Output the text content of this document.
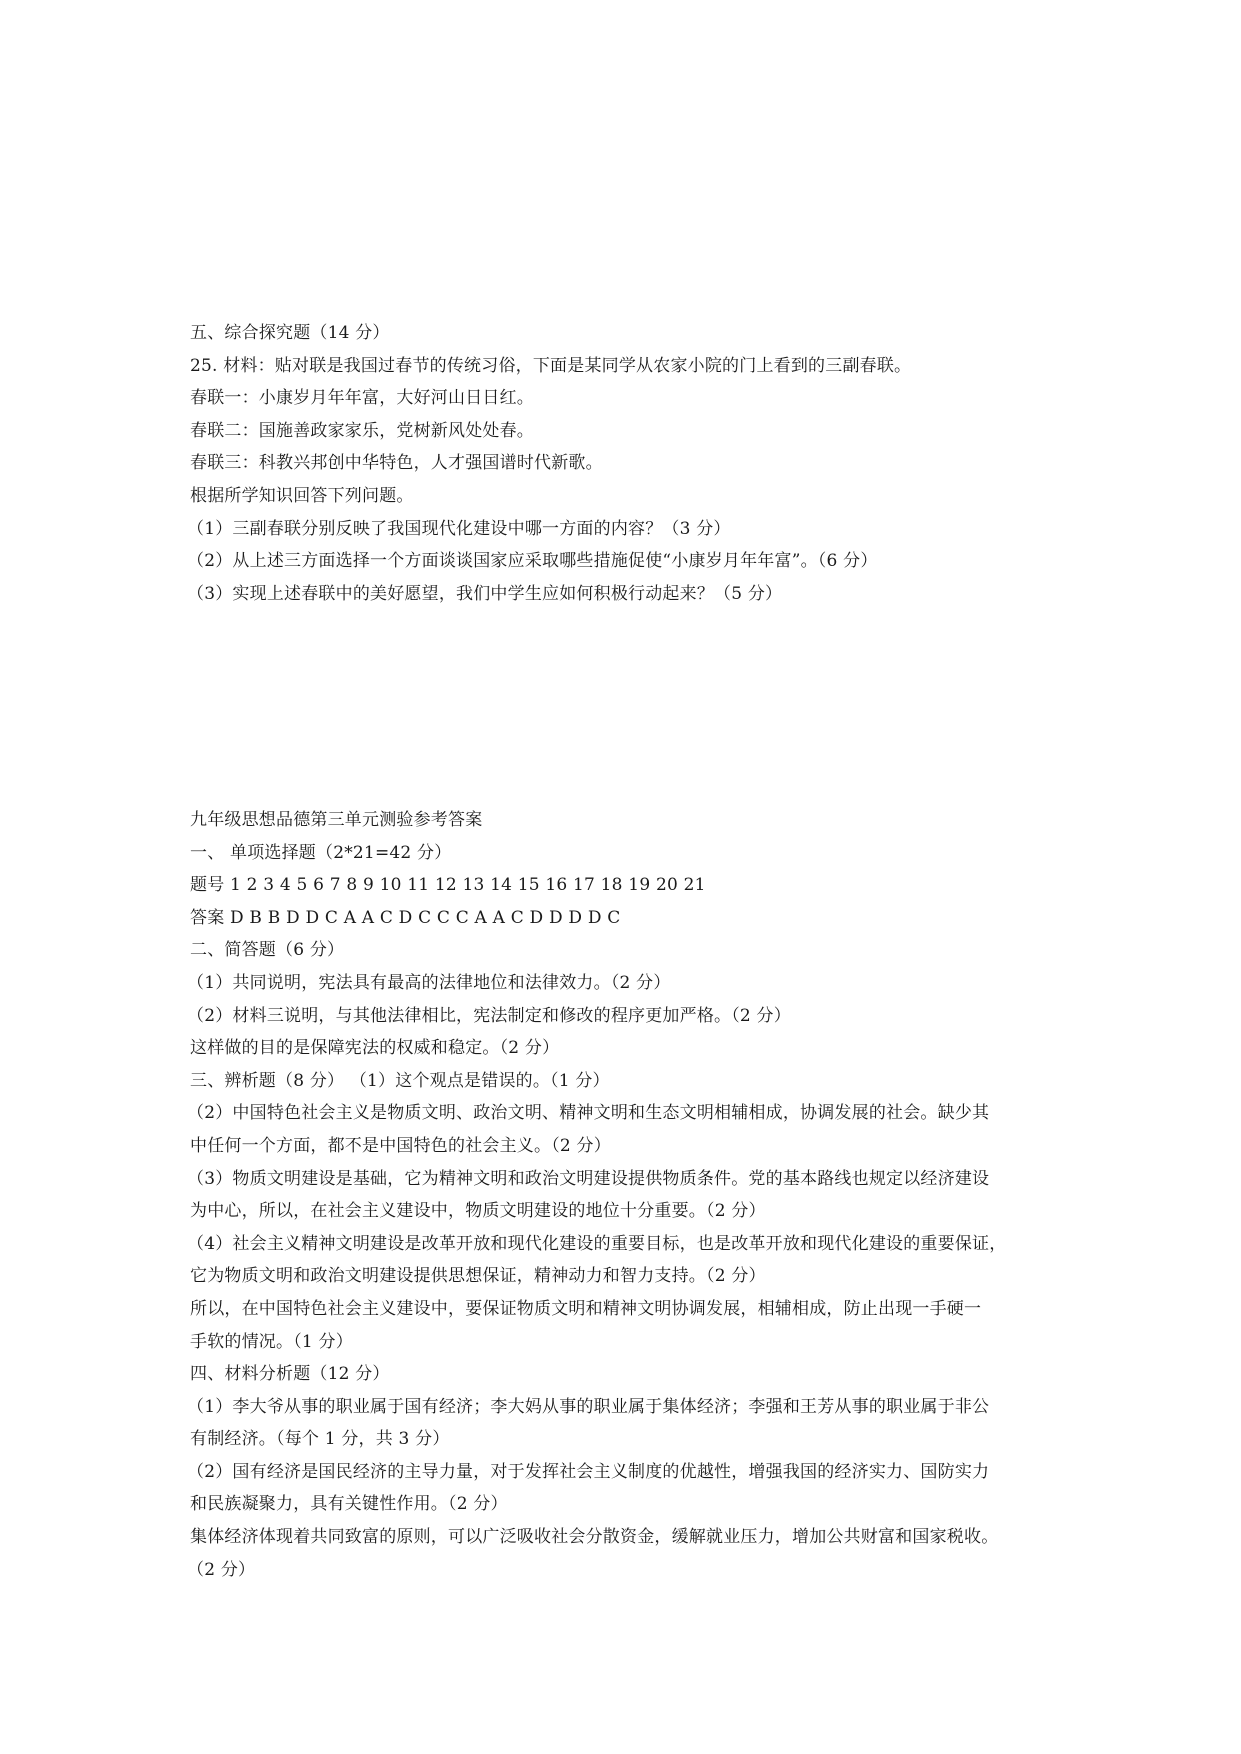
五、综合探究题（14 分）
25. 材料：贴对联是我国过春节的传统习俗，下面是某同学从农家小院的门上看到的三副春联。
春联一：小康岁月年年富，大好河山日日红。
春联二：国施善政家家乐，党树新风处处春。
春联三：科教兴邦创中华特色，人才强国谱时代新歌。
根据所学知识回答下列问题。
（1）三副春联分别反映了我国现代化建设中哪一方面的内容？（3 分）
（2）从上述三方面选择一个方面谈谈国家应采取哪些措施促使“小康岁月年年富”。（6 分）
（3）实现上述春联中的美好愿望，我们中学生应如何积极行动起来？（5 分）
九年级思想品德第三单元测验参考答案
一、 单项选择题（2*21=42 分）
题号 1 2 3 4 5 6 7 8 9 10 11 12 13 14 15 16 17 18 19 20 21
答案 D B B D D C A A C D C C C A A C D D D D C
二、简答题（6 分）
（1）共同说明，宪法具有最高的法律地位和法律效力。（2 分）
（2）材料三说明，与其他法律相比，宪法制定和修改的程序更加严格。（2 分）
这样做的目的是保障宪法的权威和稳定。（2 分）
三、辨析题（8 分） （1）这个观点是错误的。（1 分）
（2）中国特色社会主义是物质文明、政治文明、精神文明和生态文明相辅相成，协调发展的社会。缺少其
中任何一个方面，都不是中国特色的社会主义。（2 分）
（3）物质文明建设是基础，它为精神文明和政治文明建设提供物质条件。党的基本路线也规定以经济建设
为中心，所以，在社会主义建设中，物质文明建设的地位十分重要。（2 分）
（4）社会主义精神文明建设是改革开放和现代化建设的重要目标，也是改革开放和现代化建设的重要保证，
它为物质文明和政治文明建设提供思想保证，精神动力和智力支持。（2 分）
所以，在中国特色社会主义建设中，要保证物质文明和精神文明协调发展，相辅相成，防止出现一手硬一
手软的情况。（1 分）
四、材料分析题（12 分）
（1）李大爷从事的职业属于国有经济；李大妈从事的职业属于集体经济；李强和王芳从事的职业属于非公
有制经济。（每个 1 分，共 3 分）
（2）国有经济是国民经济的主导力量，对于发挥社会主义制度的优越性，增强我国的经济实力、国防实力
和民族凝聚力，具有关键性作用。（2 分）
集体经济体现着共同致富的原则，可以广泛吸收社会分散资金，缓解就业压力，增加公共财富和国家税收。
（2 分）
